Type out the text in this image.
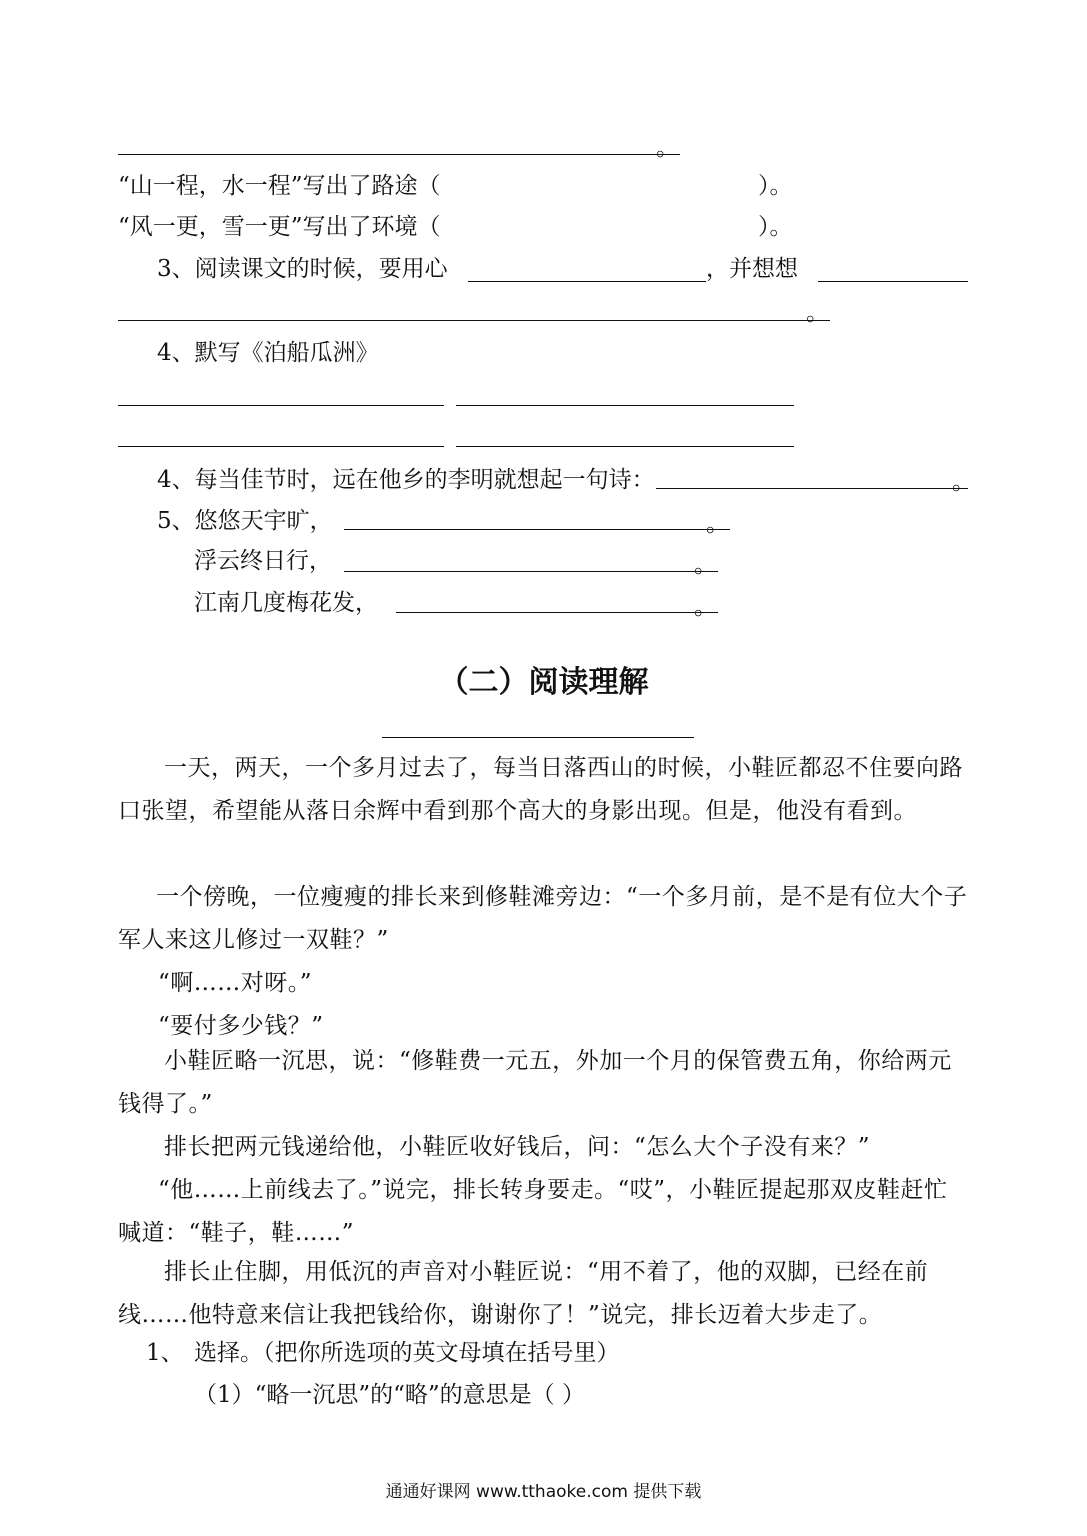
。
“山一程，水一程”写出了路途（	）。
“风一更，雪一更”写出了环境（	）。
3、阅读课文的时候，要用心	，并想想
。
4、默写《泊船瓜洲》
4、每当佳节时，远在他乡的李明就想起一句诗：	。
5、悠悠天宇旷，	。
浮云终日行，	。
江南几度梅花发，	。
（二）阅读理解

一天，两天，一个多月过去了，每当日落西山的时候，小鞋匠都忍不住要向路口张望，希望能从落日余辉中看到那个高大的身影出现。但是，他没有看到。

一个傍晚，一位瘦瘦的排长来到修鞋滩旁边：“一个多月前，是不是有位大个子军人来这儿修过一双鞋？”

“啊……对呀。”

“要付多少钱？”

小鞋匠略一沉思，说：“修鞋费一元五，外加一个月的保管费五角，你给两元钱得了。”

排长把两元钱递给他，小鞋匠收好钱后，问：“怎么大个子没有来？”

“他……上前线去了。”说完，排长转身要走。“哎”，小鞋匠提起那双皮鞋赶忙喊道：“鞋子，鞋……”

排长止住脚，用低沉的声音对小鞋匠说：“用不着了，他的双脚，已经在前线……他特意来信让我把钱给你，谢谢你了！”说完，排长迈着大步走了。

1、 选择。（把你所选项的英文母填在括号里）
（1）“略一沉思”的“略”的意思是（ ）
通通好课网 www.tthaoke.com 提供下载
